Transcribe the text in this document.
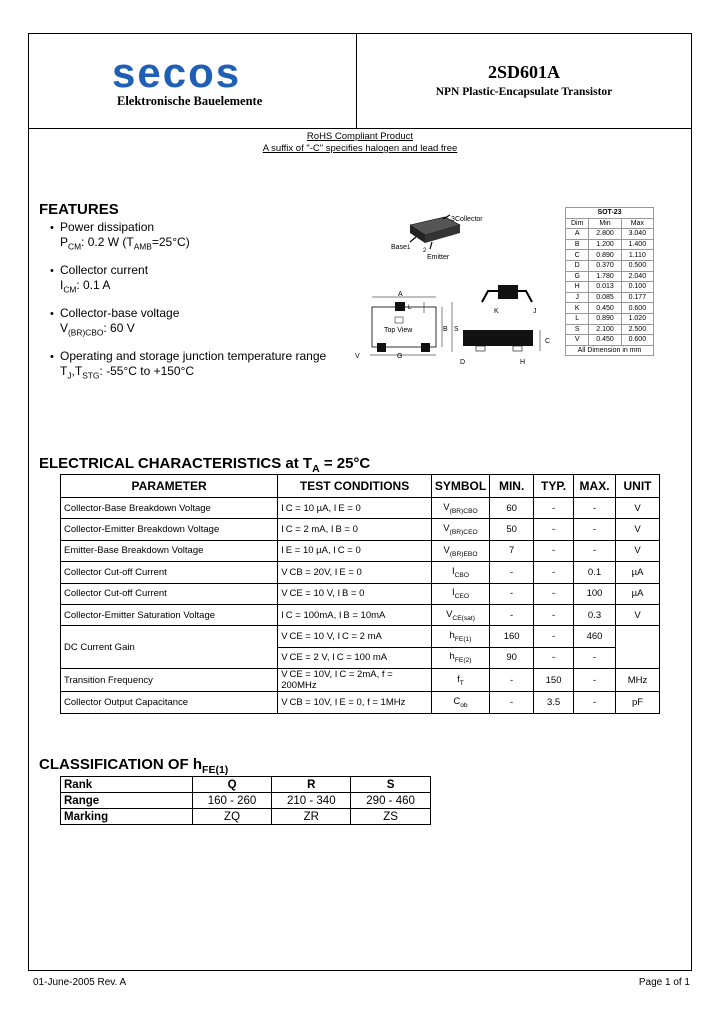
secos
Elektronische Bauelemente
2SD601A
NPN Plastic-Encapsulate Transistor
RoHS Compliant Product
A suffix of "-C" specifies halogen and lead free
FEATURES
• Power dissipation
$P_{CM}$: 0.2 W $(T_{AMB}=25^\circ C)$
• Collector current
$I_{CM}$: 0.1 A
• Collector-base voltage
$V_{(BR)CBO}$: 60 V
• Operating and storage junction temperature range
$T_J,T_{STG}$: -55°C to +150°C
3 Collector
Base 1 2
Emitter
Top View
A
L
B S
V	G
K	J
C
D	H
SOT-23		
Dim	Min	Max
A	2.800	3.040
B	1.200	1.400
C	0.890	1.110
D	0.370	0.500
G	1.780	2.040
H	0.013	0.100
J	0.085	0.177
K	0.450	0.600
L	0.890	1.020
S	2.100	2.500
V	0.450	0.600
All Dimension in mm		
ELECTRICAL CHARACTERISTICS at $T_A = 25^\circ C$
PARAMETER	TEST CONDITIONS	SYMBOL	MIN.	TYP.	MAX.	UNIT
Collector-Base Breakdown Voltage	I C = 10 µA, I E = 0	$V_{(BR)CBO}$	60	-	-	V
Collector-Emitter Breakdown Voltage	I C = 2 mA, I B = 0	$V_{(BR)CEO}$	50	-	-	V
Emitter-Base Breakdown Voltage	I E = 10 µA, I C = 0	$V_{(BR)EBO}$	7	-	-	V
Collector Cut-off Current	V CB = 20V, I E = 0	$I_{CBO}$	-	-	0.1	µA
Collector Cut-off Current	V CE = 10 V, I B = 0	$I_{CEO}$	-	-	100	µA
Collector-Emitter Saturation Voltage	I C = 100mA, I B = 10mA	$V_{CE(sat)}$	-	-	0.3	V
DC Current Gain	V CE = 10 V, I C = 2 mA	$h_{FE(1)}$	160	-	460	
	V CE = 2 V, I C = 100 mA	$h_{FE(2)}$	90	-	-	
Transition Frequency	V CE = 10V, I C = 2mA, f = 200MHz	$f_T$	-	150	-	MHz
Collector Output Capacitance	V CB = 10V, I E = 0, f = 1MHz	$C_{ob}$	-	3.5	-	pF
CLASSIFICATION OF $h_{FE(1)}$
Rank	Q	R	S
Range	160 - 260	210 - 340	290 - 460
Marking	ZQ	ZR	ZS
01-June-2005 Rev. A	Page 1 of 1
